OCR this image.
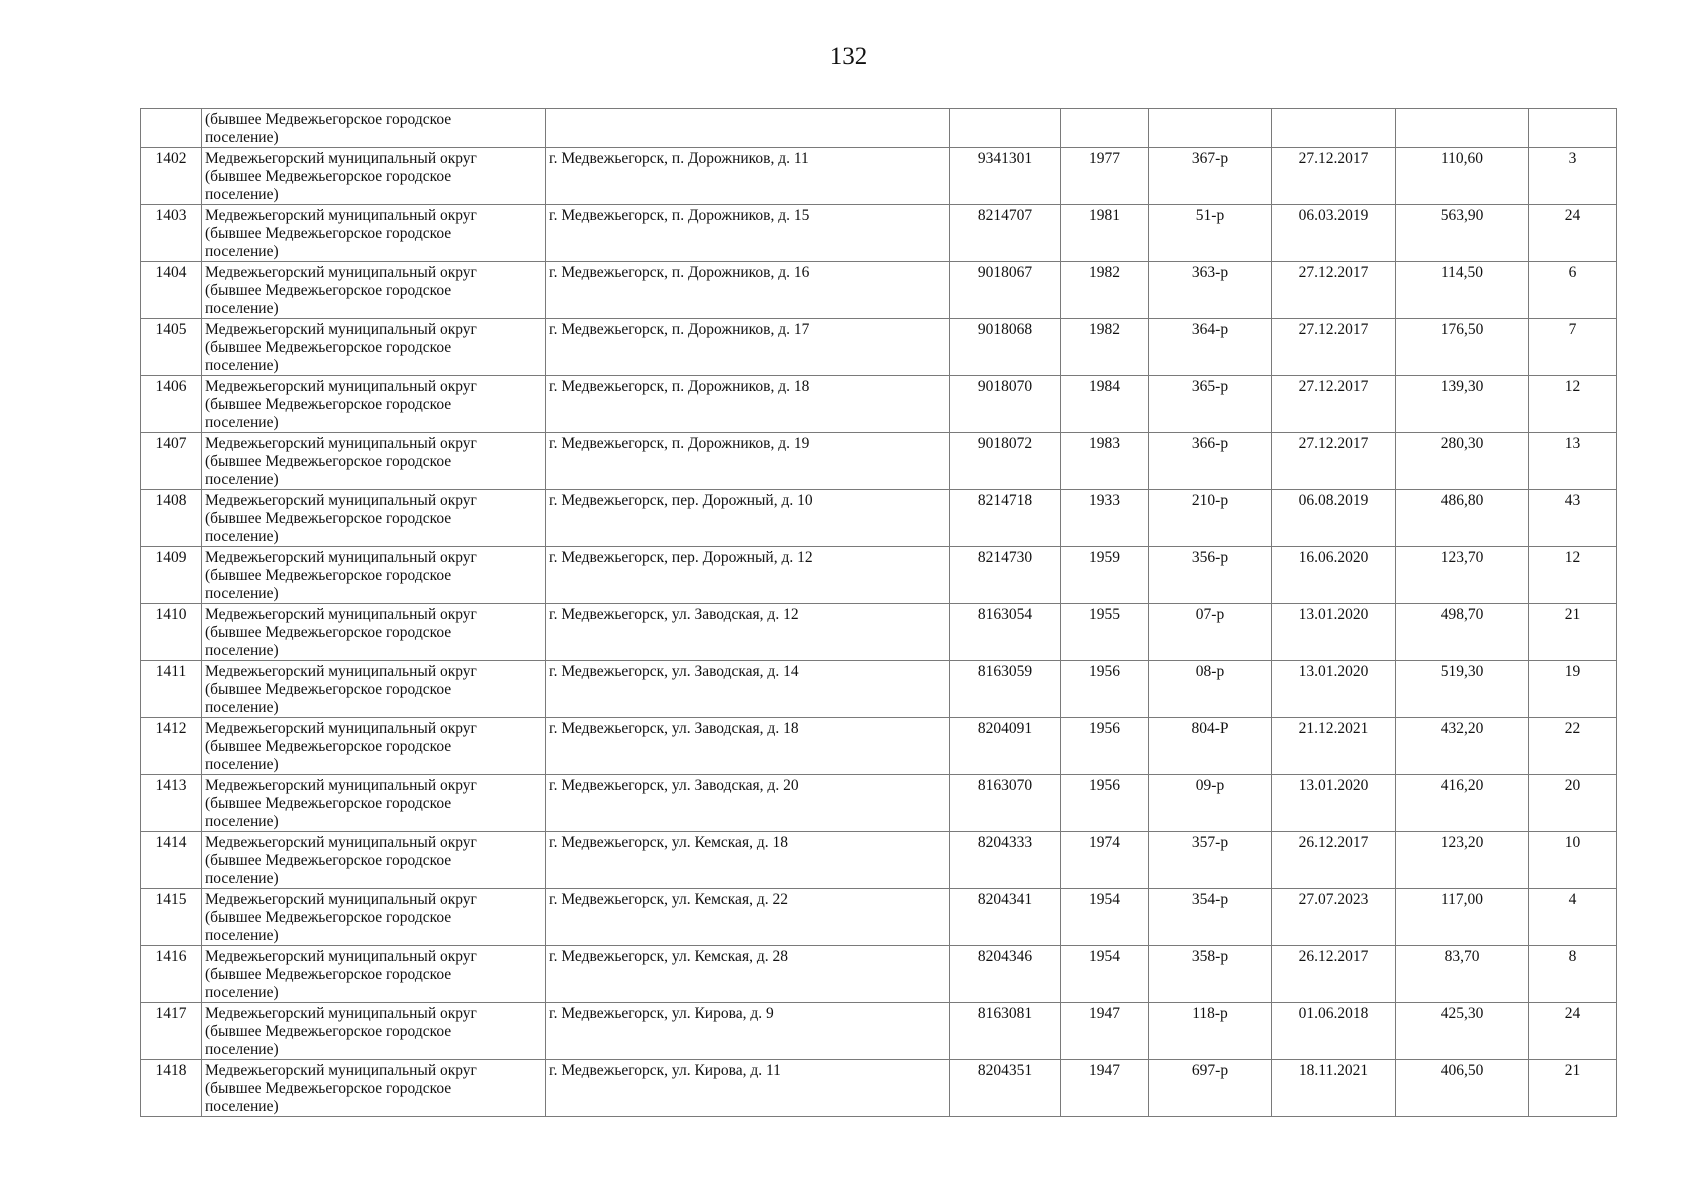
132

	(бывшее Медвежьегорское городское
поселение)							

1402	Медвежьегорский муниципальный округ
(бывшее Медвежьегорское городское
поселение)	г. Медвежьегорск, п. Дорожников, д. 11	9341301	1977	367-р	27.12.2017	110,60	3
1403	Медвежьегорский муниципальный округ
(бывшее Медвежьегорское городское
поселение)	г. Медвежьегорск, п. Дорожников, д. 15	8214707	1981	51-р	06.03.2019	563,90	24
1404	Медвежьегорский муниципальный округ
(бывшее Медвежьегорское городское
поселение)	г. Медвежьегорск, п. Дорожников, д. 16	9018067	1982	363-р	27.12.2017	114,50	6
1405	Медвежьегорский муниципальный округ
(бывшее Медвежьегорское городское
поселение)	г. Медвежьегорск, п. Дорожников, д. 17	9018068	1982	364-р	27.12.2017	176,50	7
1406	Медвежьегорский муниципальный округ
(бывшее Медвежьегорское городское
поселение)	г. Медвежьегорск, п. Дорожников, д. 18	9018070	1984	365-р	27.12.2017	139,30	12
1407	Медвежьегорский муниципальный округ
(бывшее Медвежьегорское городское
поселение)	г. Медвежьегорск, п. Дорожников, д. 19	9018072	1983	366-р	27.12.2017	280,30	13
1408	Медвежьегорский муниципальный округ
(бывшее Медвежьегорское городское
поселение)	г. Медвежьегорск, пер. Дорожный, д. 10	8214718	1933	210-р	06.08.2019	486,80	43
1409	Медвежьегорский муниципальный округ
(бывшее Медвежьегорское городское
поселение)	г. Медвежьегорск, пер. Дорожный, д. 12	8214730	1959	356-р	16.06.2020	123,70	12
1410	Медвежьегорский муниципальный округ
(бывшее Медвежьегорское городское
поселение)	г. Медвежьегорск, ул. Заводская, д. 12	8163054	1955	07-р	13.01.2020	498,70	21
1411	Медвежьегорский муниципальный округ
(бывшее Медвежьегорское городское
поселение)	г. Медвежьегорск, ул. Заводская, д. 14	8163059	1956	08-р	13.01.2020	519,30	19
1412	Медвежьегорский муниципальный округ
(бывшее Медвежьегорское городское
поселение)	г. Медвежьегорск, ул. Заводская, д. 18	8204091	1956	804-Р	21.12.2021	432,20	22
1413	Медвежьегорский муниципальный округ
(бывшее Медвежьегорское городское
поселение)	г. Медвежьегорск, ул. Заводская, д. 20	8163070	1956	09-р	13.01.2020	416,20	20
1414	Медвежьегорский муниципальный округ
(бывшее Медвежьегорское городское
поселение)	г. Медвежьегорск, ул. Кемская, д. 18	8204333	1974	357-р	26.12.2017	123,20	10
1415	Медвежьегорский муниципальный округ
(бывшее Медвежьегорское городское
поселение)	г. Медвежьегорск, ул. Кемская, д. 22	8204341	1954	354-р	27.07.2023	117,00	4
1416	Медвежьегорский муниципальный округ
(бывшее Медвежьегорское городское
поселение)	г. Медвежьегорск, ул. Кемская, д. 28	8204346	1954	358-р	26.12.2017	83,70	8
1417	Медвежьегорский муниципальный округ
(бывшее Медвежьегорское городское
поселение)	г. Медвежьегорск, ул. Кирова, д. 9	8163081	1947	118-р	01.06.2018	425,30	24
1418	Медвежьегорский муниципальный округ
(бывшее Медвежьегорское городское
поселение)	г. Медвежьегорск, ул. Кирова, д. 11	8204351	1947	697-р	18.11.2021	406,50	21
